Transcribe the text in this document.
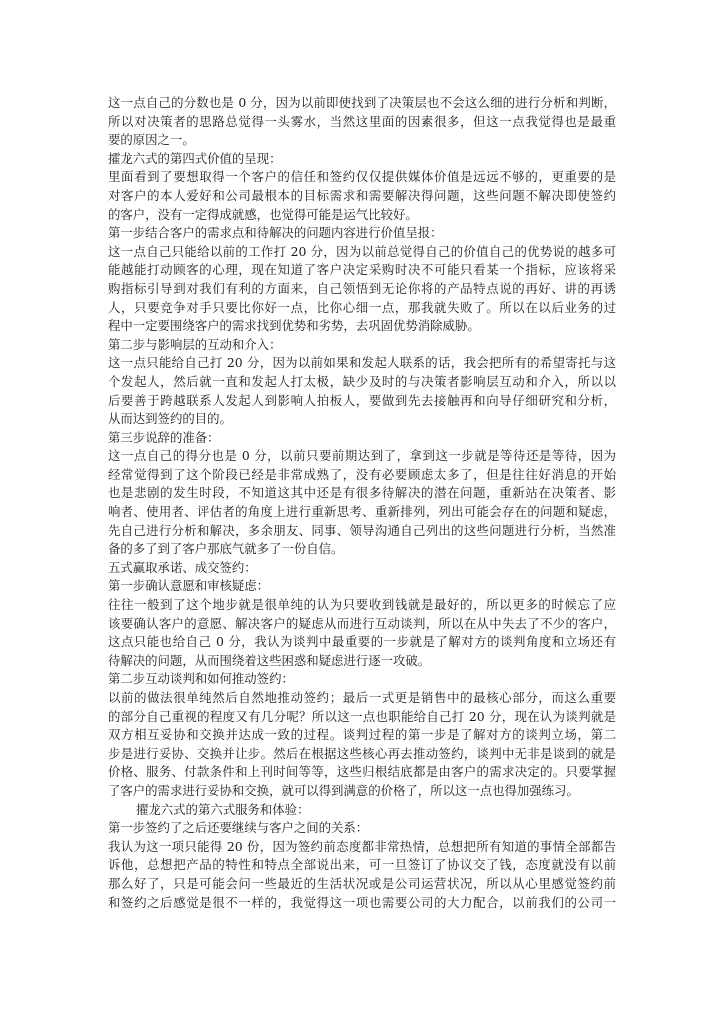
这一点自己的分数也是 0 分，因为以前即使找到了决策层也不会这么细的进行分析和判断，
所以对决策者的思路总觉得一头雾水，当然这里面的因素很多，但这一点我觉得也是最重
要的原因之一。
攉龙六式的第四式价值的呈现：
里面看到了要想取得一个客户的信任和签约仅仅提供媒体价值是远远不够的，更重要的是
对客户的本人爱好和公司最根本的目标需求和需要解决得问题，这些问题不解决即使签约
的客户，没有一定得成就感，也觉得可能是运气比较好。
第一步结合客户的需求点和待解决的问题内容进行价值呈报：
这一点自己只能给以前的工作打 20 分，因为以前总觉得自己的价值自己的优势说的越多可
能越能打动顾客的心理，现在知道了客户决定采购时决不可能只看某一个指标，应该将采
购指标引导到对我们有利的方面来，自己领悟到无论你将的产品特点说的再好、讲的再诱
人，只要竞争对手只要比你好一点，比你心细一点，那我就失败了。所以在以后业务的过
程中一定要围绕客户的需求找到优势和劣势，去巩固优势消除威胁。
第二步与影响层的互动和介入：
这一点只能给自己打 20 分，因为以前如果和发起人联系的话，我会把所有的希望寄托与这
个发起人，然后就一直和发起人打太极，缺少及时的与决策者影响层互动和介入，所以以
后要善于跨越联系人发起人到影响人拍板人，要做到先去接触再和向导仔细研究和分析，
从而达到签约的目的。
第三步说辞的准备：
这一点自己的得分也是 0 分，以前只要前期达到了，拿到这一步就是等待还是等待，因为
经常觉得到了这个阶段已经是非常成熟了，没有必要顾虑太多了，但是往往好消息的开始
也是悲剧的发生时段，不知道这其中还是有很多待解决的潜在问题，重新站在决策者、影
响者、使用者、评估者的角度上进行重新思考、重新排列，列出可能会存在的问题和疑虑，
先自己进行分析和解决，多余朋友、同事、领导沟通自己列出的这些问题进行分析，当然准
备的多了到了客户那底气就多了一份自信。
五式赢取承诺、成交签约：
第一步确认意愿和审核疑虑：
往往一般到了这个地步就是很单纯的认为只要收到钱就是最好的，所以更多的时候忘了应
该要确认客户的意愿、解决客户的疑虑从而进行互动谈判，所以在从中失去了不少的客户，
这点只能也给自己 0 分，我认为谈判中最重要的一步就是了解对方的谈判角度和立场还有
待解决的问题，从而围绕着这些困惑和疑虑进行逐一攻破。
第二步互动谈判和如何推动签约：
以前的做法很单纯然后自然地推动签约；最后一式更是销售中的最核心部分，而这么重要
的部分自己重视的程度又有几分呢？所以这一点也职能给自己打 20 分，现在认为谈判就是
双方相互妥协和交换并达成一致的过程。谈判过程的第一步是了解对方的谈判立场，第二
步是进行妥协、交换并让步。然后在根据这些核心再去推动签约，谈判中无非是谈到的就是
价格、服务、付款条件和上刊时间等等，这些归根结底都是由客户的需求决定的。只要掌握
了客户的需求进行妥协和交换，就可以得到满意的价格了，所以这一点也得加强练习。
擢龙六式的第六式服务和体验：
第一步签约了之后还要继续与客户之间的关系：
我认为这一项只能得 20 份，因为签约前态度都非常热情，总想把所有知道的事情全部都告
诉他，总想把产品的特性和特点全部说出来，可一旦签订了协议交了钱，态度就没有以前
那么好了，只是可能会问一些最近的生活状况或是公司运营状况，所以从心里感觉签约前
和签约之后感觉是很不一样的，我觉得这一项也需要公司的大力配合，以前我们的公司一
